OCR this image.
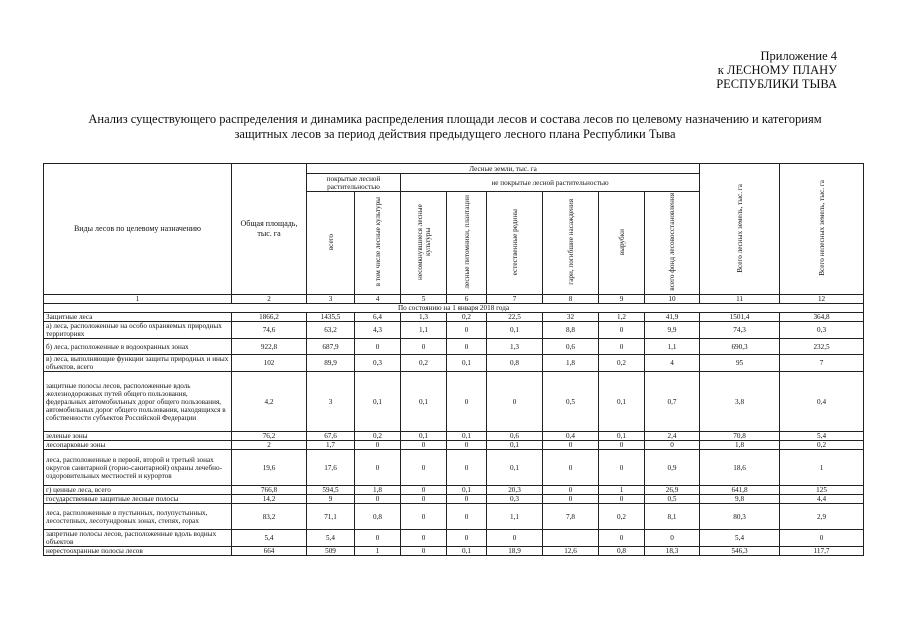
Приложение 4
к ЛЕСНОМУ ПЛАНУ
РЕСПУБЛИКИ ТЫВА
Анализ существующего распределения и динамика распределения площади лесов и состава лесов по целевому назначению и категориям
защитных лесов за период действия предыдущего лесного плана Республики Тыва
Виды лесов по целевому назначению	Общая площадь, тыс. га	Лесные земли, тыс. га								Всего лесных земель, тыс. га	Всего нелесных земель, тыс. га
		покрытые лесной растительностью		не покрытые лесной растительностью							
		всего	в том числе лесные культуры	несомкнувшиеся лесные культуры	лесные питомники, плантации	естественные редины	гари, погибшие насаждения	вырубки	всего фонд лесовосстановления		
1	2	3	4	5	6	7	8	9	10	11	12
По состоянию на 1 января 2018 года											
Защитные леса	1866,2	1435,5	6,4	1,3	0,2	22,5	32	1,2	41,9	1501,4	364,8
а) леса, расположенные на особо охраняемых природных территориях	74,6	63,2	4,3	1,1	0	0,1	8,8	0	9,9	74,3	0,3
б) леса, расположенные в водоохранных зонах	922,8	687,9	0	0	0	1,3	0,6	0	1,1	690,3	232,5
в) леса, выполняющие функции защиты природных и иных объектов, всего	102	89,9	0,3	0,2	0,1	0,8	1,8	0,2	4	95	7
защитные полосы лесов, расположенные вдоль железнодорожных путей общего пользования, федеральных автомобильных дорог общего пользования, автомобильных дорог общего пользования, находящихся в собственности субъектов Российской Федерации	4,2	3	0,1	0,1	0	0	0,5	0,1	0,7	3,8	0,4
зеленые зоны	76,2	67,6	0,2	0,1	0,1	0,6	0,4	0,1	2,4	70,8	5,4
лесопарковые зоны	2	1,7	0	0	0	0,1	0	0	0	1,8	0,2
леса, расположенные в первой, второй и третьей зонах округов санитарной (горно-санитарной) охраны лечебно-оздоровительных местностей и курортов	19,6	17,6	0	0	0	0,1	0	0	0,9	18,6	1
г) ценные леса, всего	766,8	594,5	1,8	0	0,1	20,3	0	1	26,9	641,8	125
государственные защитные лесные полосы	14,2	9	0	0	0	0,3	0	0	0,5	9,8	4,4
леса, расположенные в пустынных, полупустынных, лесостепных, лесотундровых зонах, степях, горах	83,2	71,1	0,8	0	0	1,1	7,8	0,2	8,1	80,3	2,9
запретные полосы лесов, расположенные вдоль водных объектов	5,4	5,4	0	0	0	0		0	0	5,4	0
нерестоохранные полосы лесов	664	509	1	0	0,1	18,9	12,6	0,8	18,3	546,3	117,7
